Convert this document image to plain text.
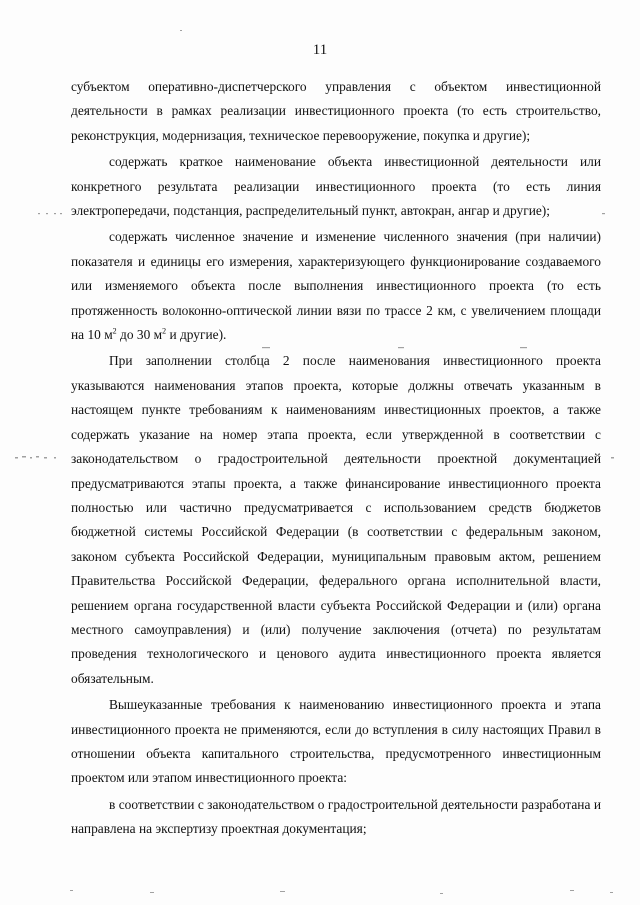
11

субъектом оперативно-диспетчерского управления с объектом инвестиционной деятельности в рамках реализации инвестиционного проекта (то есть строительство, реконструкция, модернизация, техническое перевооружение, покупка и другие);

содержать краткое наименование объекта инвестиционной деятельности или конкретного результата реализации инвестиционного проекта (то есть линия электропередачи, подстанция, распределительный пункт, автокран, ангар и другие);

содержать численное значение и изменение численного значения (при наличии) показателя и единицы его измерения, характеризующего функционирование создаваемого или изменяемого объекта после выполнения инвестиционного проекта (то есть протяженность волоконно-оптической линии вязи по трассе 2 км, с увеличением площади на 10 $м^2$ до 30 $м^2$ и другие).

При заполнении столбца 2 после наименования инвестиционного проекта указываются наименования этапов проекта, которые должны отвечать указанным в настоящем пункте требованиям к наименованиям инвестиционных проектов, а также содержать указание на номер этапа проекта, если утвержденной в соответствии с законодательством о градостроительной деятельности проектной документацией предусматриваются этапы проекта, а также финансирование инвестиционного проекта полностью или частично предусматривается с использованием средств бюджетов бюджетной системы Российской Федерации (в соответствии с федеральным законом, законом субъекта Российской Федерации, муниципальным правовым актом, решением Правительства Российской Федерации, федерального органа исполнительной власти, решением органа государственной власти субъекта Российской Федерации и (или) органа местного самоуправления) и (или) получение заключения (отчета) по результатам проведения технологического и ценового аудита инвестиционного проекта является обязательным.

Вышеуказанные требования к наименованию инвестиционного проекта и этапа инвестиционного проекта не применяются, если до вступления в силу настоящих Правил в отношении объекта капитального строительства, предусмотренного инвестиционным проектом или этапом инвестиционного проекта:

в соответствии с законодательством о градостроительной деятельности разработана и направлена на экспертизу проектная документация;
